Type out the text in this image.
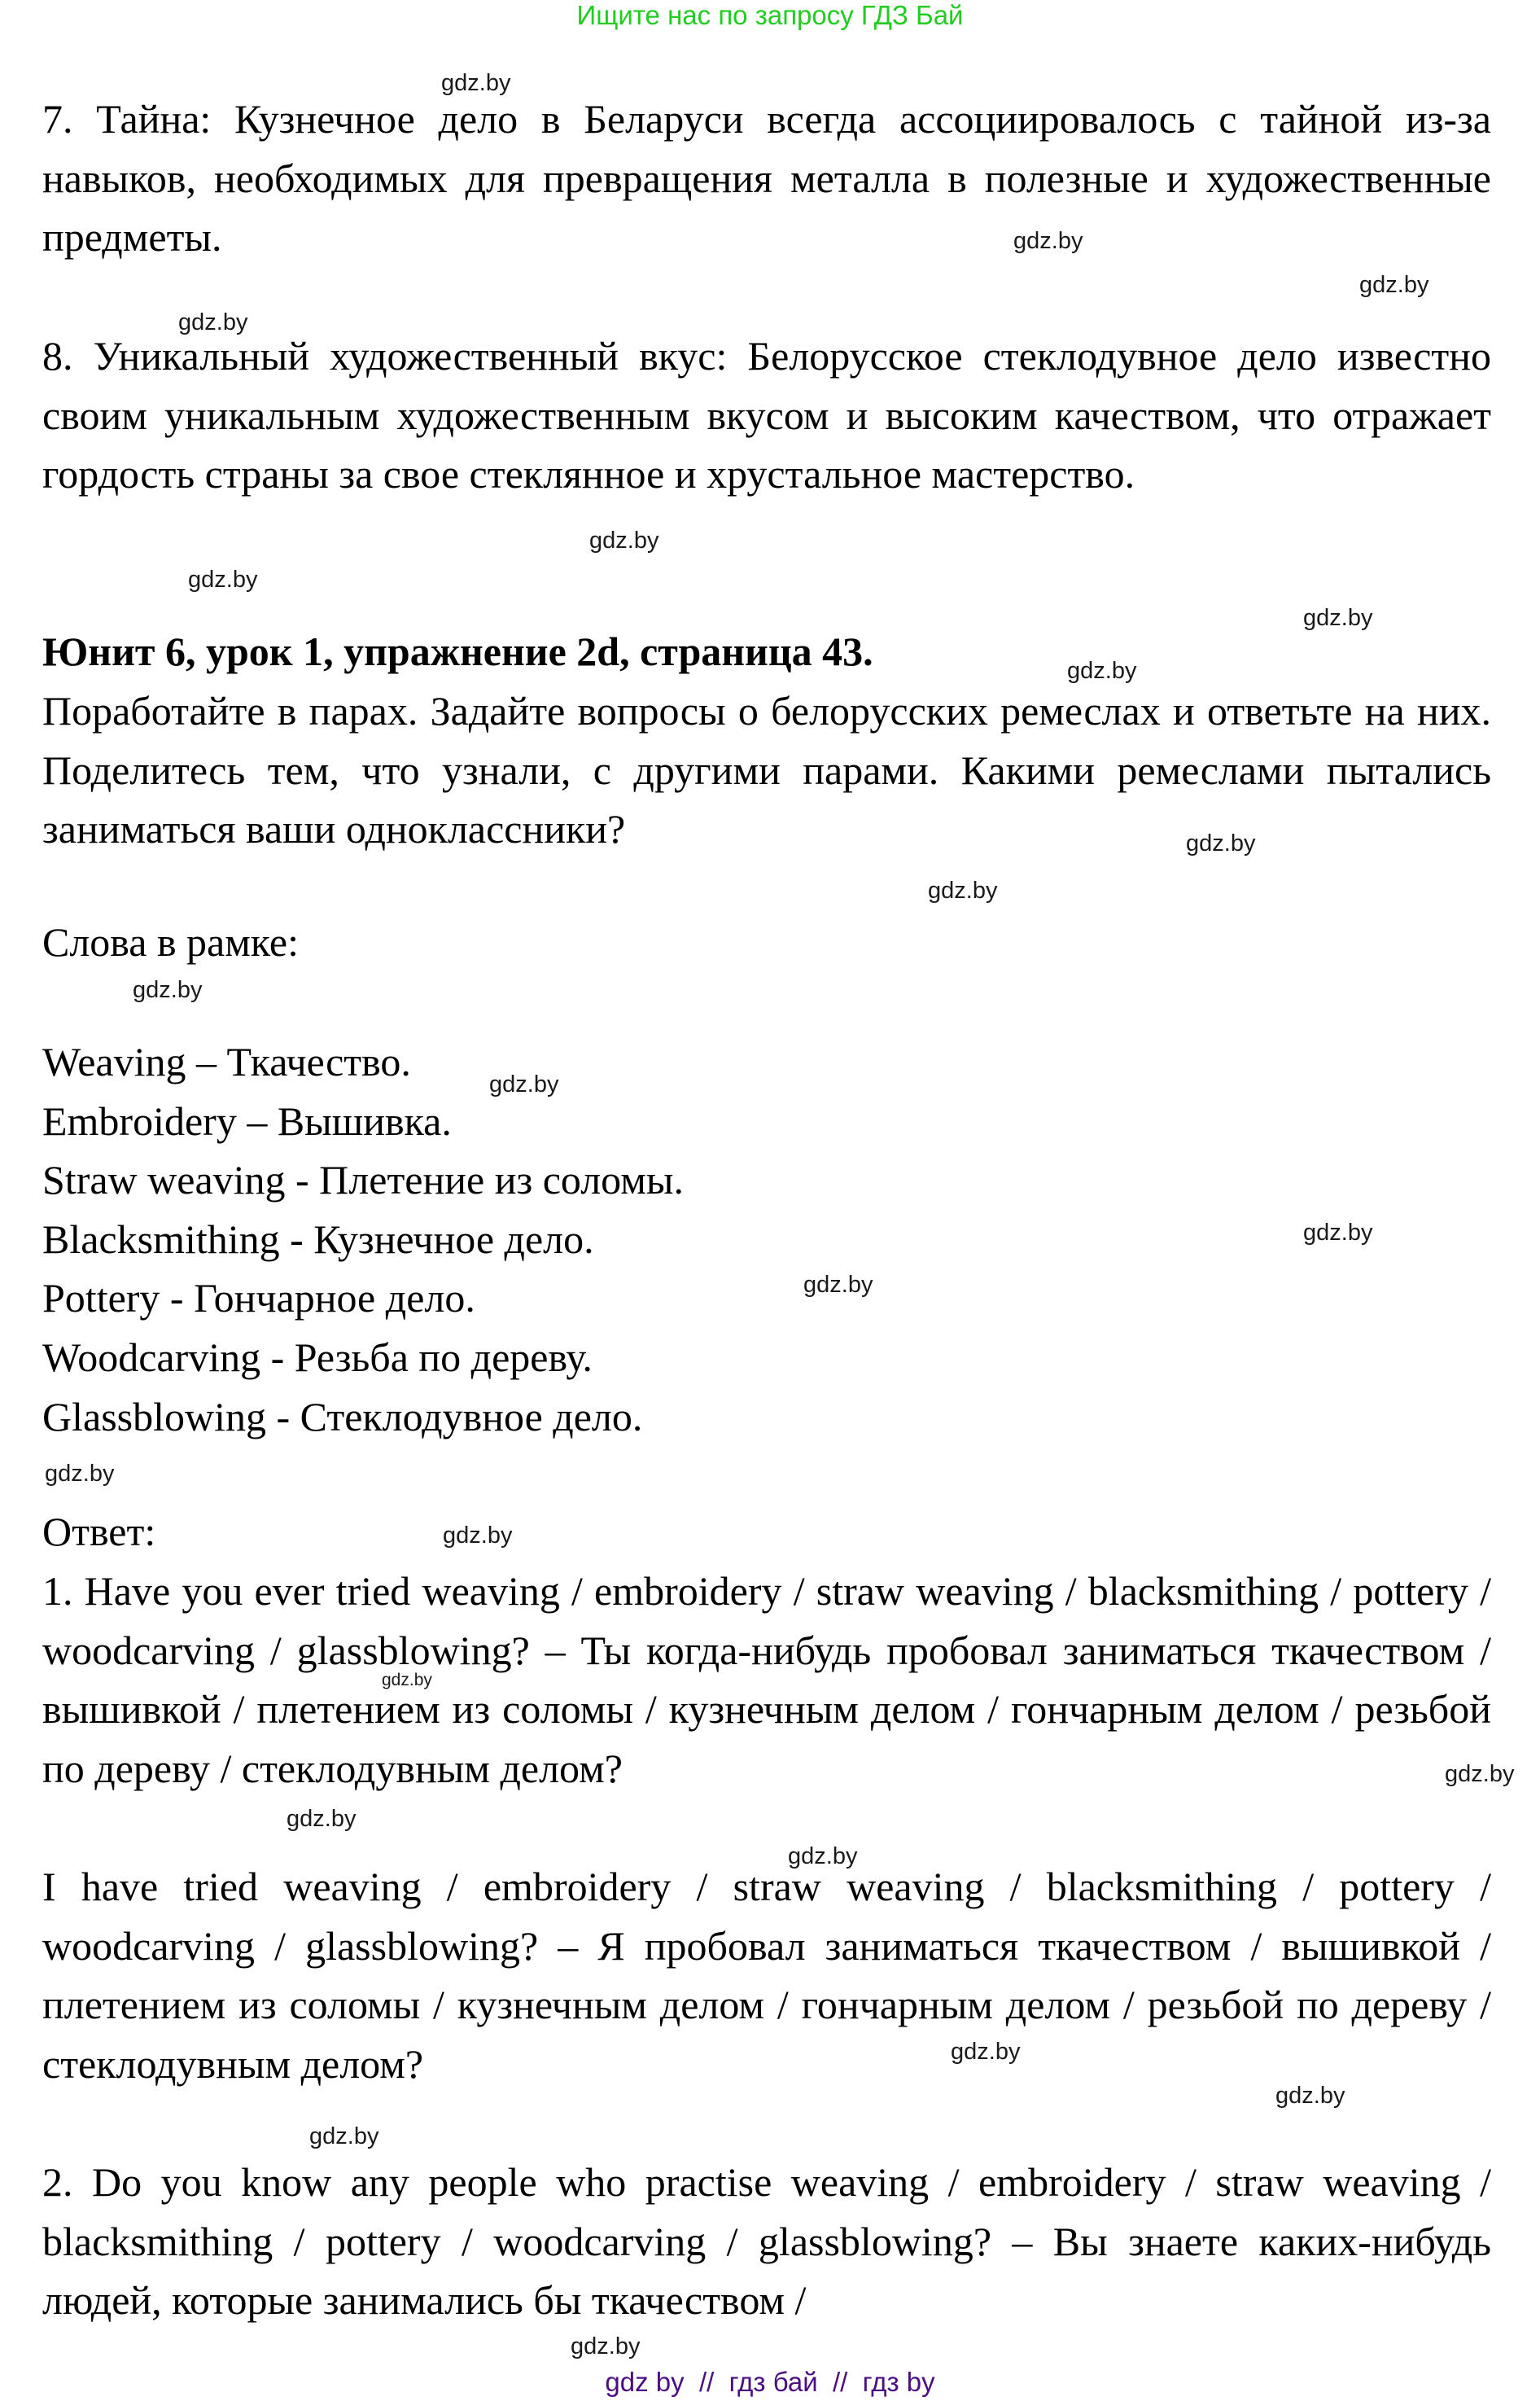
Ищите нас по запросу ГДЗ Бай
7. Тайна: Кузнечное дело в Беларуси всегда ассоциировалось с тайной из-за навыков, необходимых для превращения металла в полезные и художественные предметы.
8. Уникальный художественный вкус: Белорусское стеклодувное дело известно своим уникальным художественным вкусом и высоким качеством, что отражает гордость страны за свое стеклянное и хрустальное мастерство.
Юнит 6, урок 1, упражнение 2d, страница 43.
Поработайте в парах. Задайте вопросы о белорусских ремеслах и ответьте на них. Поделитесь тем, что узнали, с другими парами. Какими ремеслами пытались заниматься ваши одноклассники?
Слова в рамке:
Weaving – Ткачество.
Embroidery – Вышивка.
Straw weaving - Плетение из соломы.
Blacksmithing - Кузнечное дело.
Pottery - Гончарное дело.
Woodcarving - Резьба по дереву.
Glassblowing - Стеклодувное дело.
Ответ:
1. Have you ever tried weaving / embroidery / straw weaving / blacksmithing / pottery / woodcarving / glassblowing? – Ты когда-нибудь пробовал заниматься ткачеством / вышивкой / плетением из соломы / кузнечным делом / гончарным делом / резьбой по дереву / стеклодувным делом?
I have tried weaving / embroidery / straw weaving / blacksmithing / pottery / woodcarving / glassblowing? – Я пробовал заниматься ткачеством / вышивкой / плетением из соломы / кузнечным делом / гончарным делом / резьбой по дереву / стеклодувным делом?
2. Do you know any people who practise weaving / embroidery / straw weaving / blacksmithing / pottery / woodcarving / glassblowing? – Вы знаете каких-нибудь людей, которые занимались бы ткачеством /
gdz.by
gdz.by
gdz.by
gdz.by
gdz.by
gdz.by
gdz.by
gdz.by
gdz.by
gdz.by
gdz.by
gdz.by
gdz.by
gdz.by
gdz.by
gdz.by
gdz.by
gdz.by
gdz.by
gdz.by
gdz.by
gdz.by
gdz.by
gdz.by
gdz by  //  гдз бай  //  гдз by
